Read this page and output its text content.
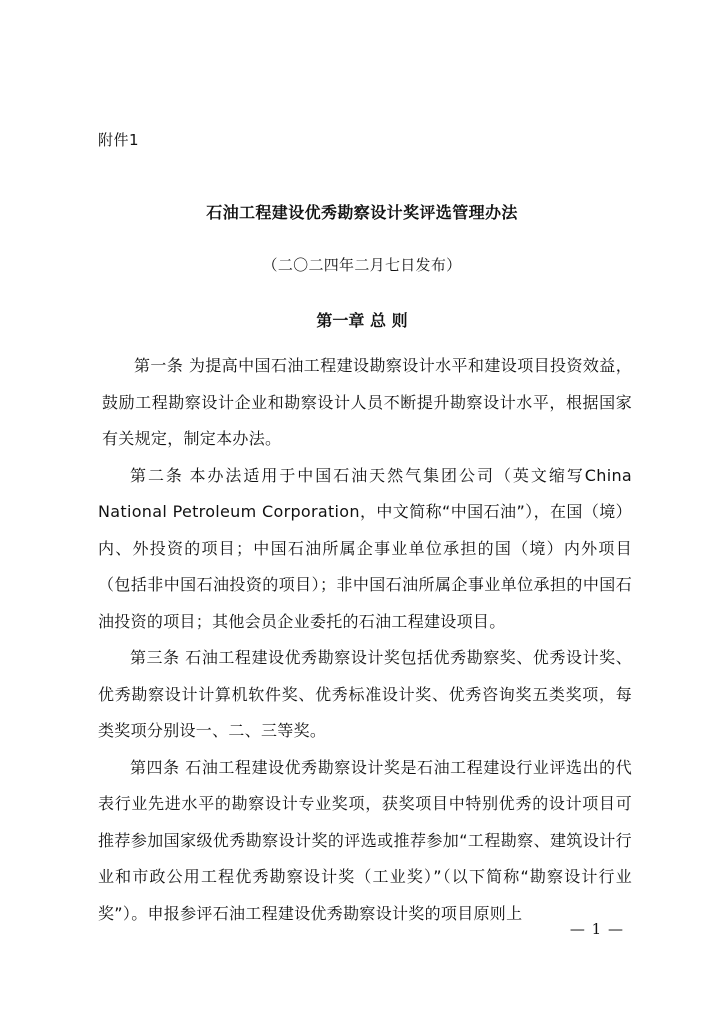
附件1
石油工程建设优秀勘察设计奖评选管理办法
（二〇二四年二月七日发布）
第一章 总 则

第一条 为提高中国石油工程建设勘察设计水平和建设项目投资效益，鼓励工程勘察设计企业和勘察设计人员不断提升勘察设计水平，根据国家有关规定，制定本办法。

第二条 本办法适用于中国石油天然气集团公司（英文缩写China National Petroleum Corporation，中文简称“中国石油”），在国（境）内、外投资的项目；中国石油所属企事业单位承担的国（境）内外项目（包括非中国石油投资的项目）；非中国石油所属企事业单位承担的中国石油投资的项目；其他会员企业委托的石油工程建设项目。

第三条 石油工程建设优秀勘察设计奖包括优秀勘察奖、优秀设计奖、优秀勘察设计计算机软件奖、优秀标准设计奖、优秀咨询奖五类奖项，每类奖项分别设一、二、三等奖。

第四条 石油工程建设优秀勘察设计奖是石油工程建设行业评选出的代表行业先进水平的勘察设计专业奖项，获奖项目中特别优秀的设计项目可推荐参加国家级优秀勘察设计奖的评选或推荐参加“工程勘察、建筑设计行业和市政公用工程优秀勘察设计奖（工业奖）”（以下简称“勘察设计行业奖”）。申报参评石油工程建设优秀勘察设计奖的项目原则上

— 1 —
